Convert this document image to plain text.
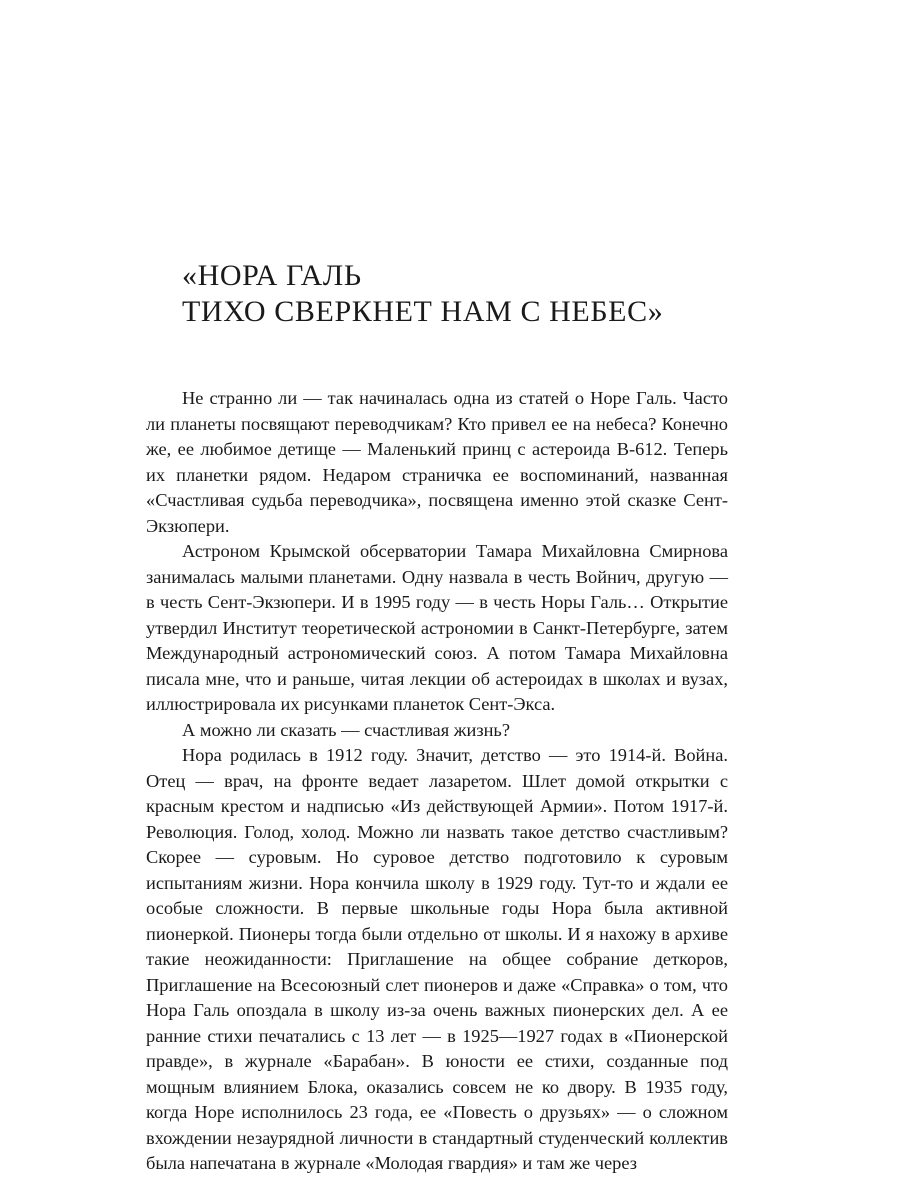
«НОРА ГАЛЬ
ТИХО СВЕРКНЕТ НАМ С НЕБЕС»

Не странно ли — так начиналась одна из статей о Норе Галь. Часто ли планеты посвящают переводчикам? Кто привел ее на небеса? Конечно же, ее любимое детище — Маленький принц с астероида В-612. Теперь их планетки рядом. Недаром страничка ее воспоминаний, названная «Счастливая судьба переводчика», посвящена именно этой сказке Сент-Экзюпери.

Астроном Крымской обсерватории Тамара Михайловна Смирнова занималась малыми планетами. Одну назвала в честь Войнич, другую — в честь Сент-Экзюпери. И в 1995 году — в честь Норы Галь… Открытие утвердил Институт теоретической астрономии в Санкт-Петербурге, затем Международный астрономический союз. А потом Тамара Михайловна писала мне, что и раньше, читая лекции об астероидах в школах и вузах, иллюстрировала их рисунками планеток Сент-Экса.

А можно ли сказать — счастливая жизнь?

Нора родилась в 1912 году. Значит, детство — это 1914-й. Война. Отец — врач, на фронте ведает лазаретом. Шлет домой открытки с красным крестом и надписью «Из действующей Армии». Потом 1917-й. Революция. Голод, холод. Можно ли назвать такое детство счастливым? Скорее — суровым. Но суровое детство подготовило к суровым испытаниям жизни. Нора кончила школу в 1929 году. Тут-то и ждали ее особые сложности. В первые школьные годы Нора была активной пионеркой. Пионеры тогда были отдельно от школы. И я нахожу в архиве такие неожиданности: Приглашение на общее собрание деткоров, Приглашение на Всесоюзный слет пионеров и даже «Справка» о том, что Нора Галь опоздала в школу из-за очень важных пионерских дел. А ее ранние стихи печатались с 13 лет — в 1925—1927 годах в «Пионерской правде», в журнале «Барабан». В юности ее стихи, созданные под мощным влиянием Блока, оказались совсем не ко двору. В 1935 году, когда Норе исполнилось 23 года, ее «Повесть о друзьях» — о сложном вхождении незаурядной личности в стандартный студенческий коллектив была напечатана в журнале «Молодая гвардия» и там же через
